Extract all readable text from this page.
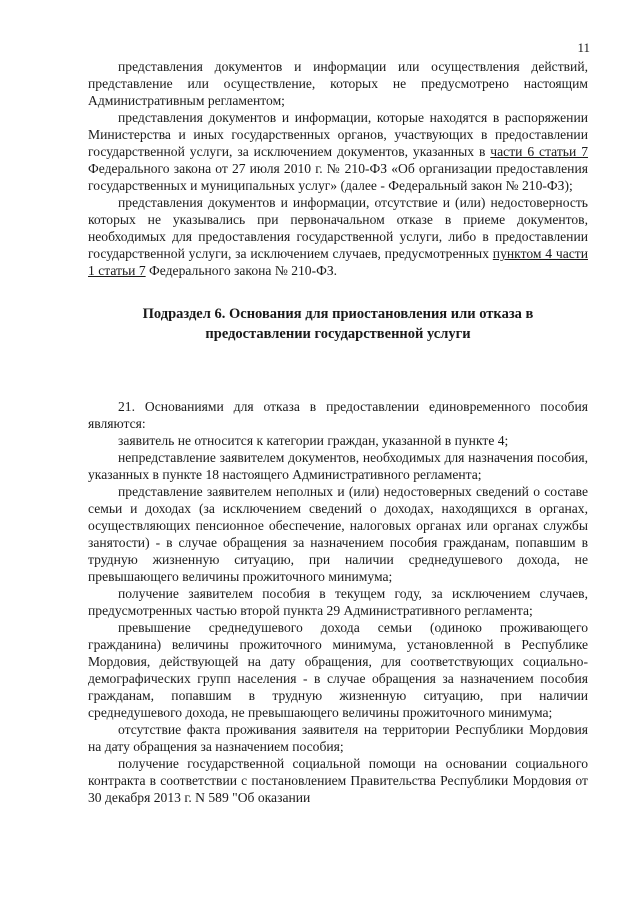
11

представления документов и информации или осуществления действий, представление или осуществление, которых не предусмотрено настоящим Административным регламентом;

представления документов и информации, которые находятся в распоряжении Министерства и иных государственных органов, участвующих в предоставлении государственной услуги, за исключением документов, указанных в части 6 статьи 7 Федерального закона от 27 июля 2010 г. № 210-ФЗ «Об организации предоставления государственных и муниципальных услуг» (далее - Федеральный закон № 210-ФЗ);

представления документов и информации, отсутствие и (или) недостоверность которых не указывались при первоначальном отказе в приеме документов, необходимых для предоставления государственной услуги, либо в предоставлении государственной услуги, за исключением случаев, предусмотренных пунктом 4 части 1 статьи 7 Федерального закона № 210-ФЗ.

Подраздел 6. Основания для приостановления или отказа в
предоставлении государственной услуги

21. Основаниями для отказа в предоставлении единовременного пособия являются:

заявитель не относится к категории граждан, указанной в пункте 4;

непредставление заявителем документов, необходимых для назначения пособия, указанных в пункте 18 настоящего Административного регламента;

представление заявителем неполных и (или) недостоверных сведений о составе семьи и доходах (за исключением сведений о доходах, находящихся в органах, осуществляющих пенсионное обеспечение, налоговых органах или органах службы занятости) - в случае обращения за назначением пособия гражданам, попавшим в трудную жизненную ситуацию, при наличии среднедушевого дохода, не превышающего величины прожиточного минимума;

получение заявителем пособия в текущем году, за исключением случаев, предусмотренных частью второй пункта 29 Административного регламента;

превышение среднедушевого дохода семьи (одиноко проживающего гражданина) величины прожиточного минимума, установленной в Республике Мордовия, действующей на дату обращения, для соответствующих социально-демографических групп населения - в случае обращения за назначением пособия гражданам, попавшим в трудную жизненную ситуацию, при наличии среднедушевого дохода, не превышающего величины прожиточного минимума;

отсутствие факта проживания заявителя на территории Республики Мордовия на дату обращения за назначением пособия;

получение государственной социальной помощи на основании социального контракта в соответствии с постановлением Правительства Республики Мордовия от 30 декабря 2013 г. N 589 "Об оказании
